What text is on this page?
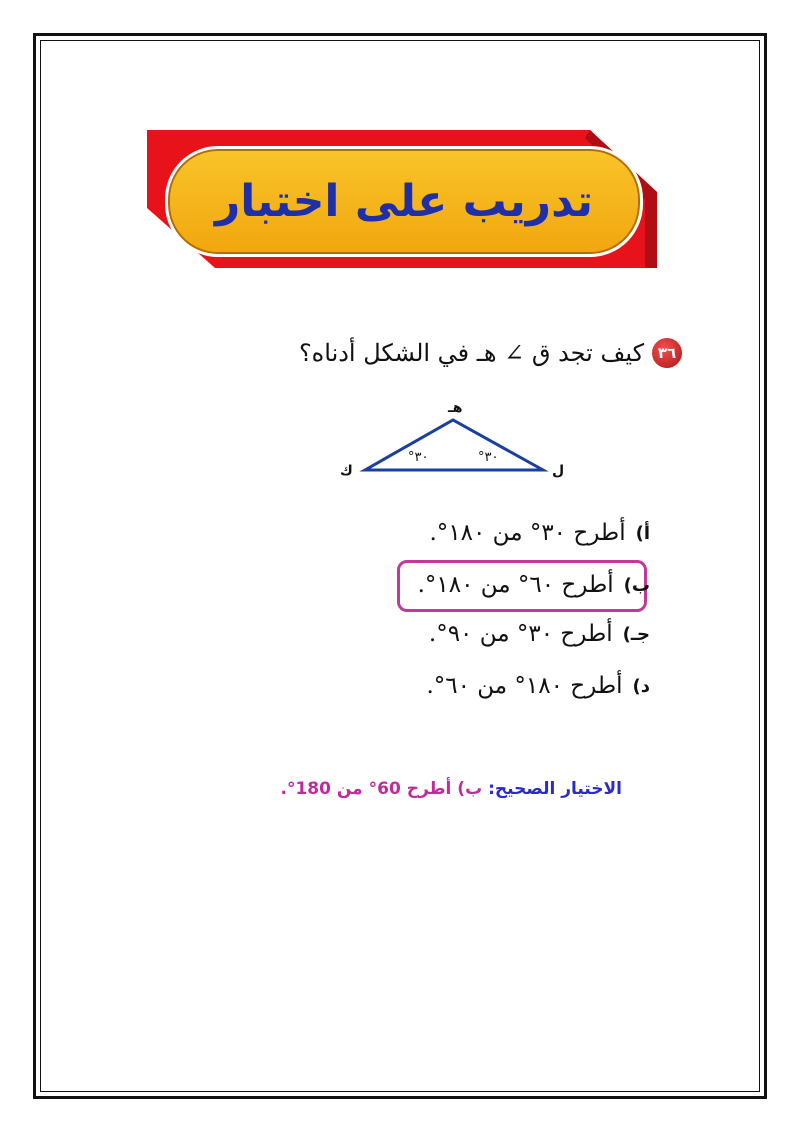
تدريب على اختبار
٣٦
كيف تجد ق ∠ هـ في الشكل أدناه؟
هـ
ك	ل
°٣٠	°٣٠
أ)
أطرح ٣٠° من ١٨٠°.
ب)
أطرح ٦٠° من ١٨٠°.
جـ)
أطرح ٣٠° من ٩٠°.
د)
أطرح ١٨٠° من ٦٠°.
الاختيار الصحيح: ب) أطرح 60° من 180°.
